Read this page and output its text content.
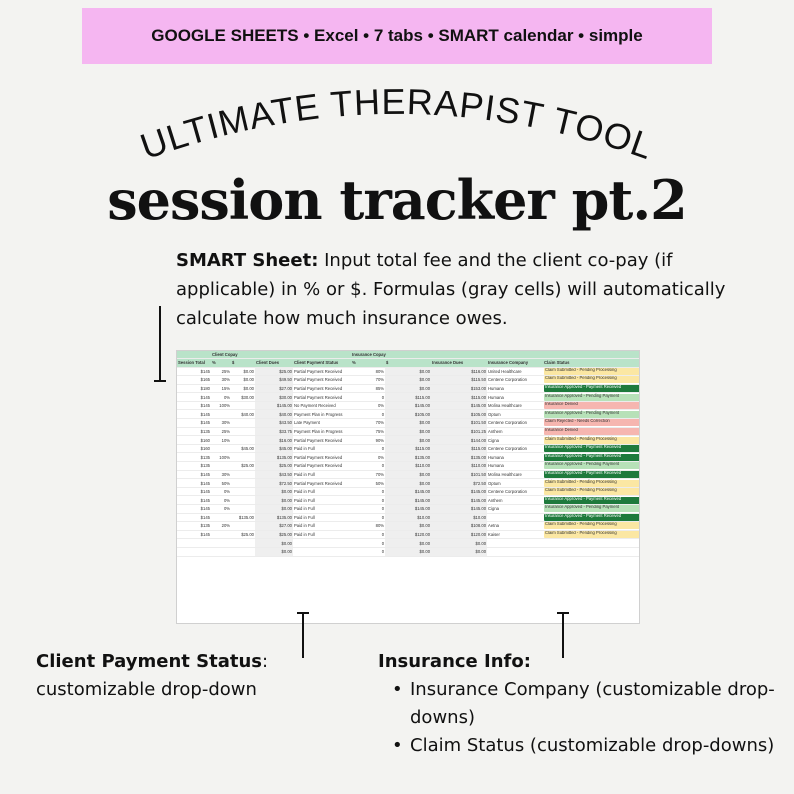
GOOGLE SHEETS • Excel • 7 tabs • SMART calendar • simple
ULTIMATE THERAPIST TOOL
session tracker pt.2
SMART Sheet: Input total fee and the client co-pay (if applicable) in % or $. Formulas (gray cells) will automatically calculate how much insurance owes.
	Client Copay				Insurance Copay				
Session Total	%	$	Client Dues	Client Payment Status	%	$	Insurance Dues	Insurance Company	Claim Status
$145	25%	$0.00	$25.00	Partial Payment Received	80%	$0.00	$116.00	United Healthcare	Claim Submitted - Pending Processing

$165	30%	$0.00	$49.50	Partial Payment Received	70%	$0.00	$115.50	Centene Corporation	Claim Submitted - Pending Processing

$180	15%	$0.00	$27.00	Partial Payment Received	85%	$0.00	$153.00	Humana	Insurance Approved - Payment Received

$145	0%	$30.00	$30.00	Partial Payment Received	0	$115.00	$115.00	Humana	Insurance Approved - Pending Payment

$145	100%		$145.00	No Payment Received	0%	$145.00	$145.00	Molina Healthcare	Insurance Denied

$145		$40.00	$40.00	Payment Plan in Progress	0	$105.00	$105.00	Optum	Insurance Approved - Pending Payment

$145	30%		$43.50	Late Payment	70%	$0.00	$101.50	Centene Corporation	Claim Rejected - Needs Correction

$135	25%		$33.75	Payment Plan in Progress	75%	$0.00	$101.25	Anthem	Insurance Denied

$160	10%		$16.00	Partial Payment Received	90%	$0.00	$144.00	Cigna	Claim Submitted - Pending Processing

$160		$45.00	$45.00	Paid in Full	0	$115.00	$115.00	Centene Corporation	Insurance Approved - Payment Received

$135	100%		$135.00	Partial Payment Received	0%	$135.00	$135.00	Humana	Insurance Approved - Payment Received

$135		$25.00	$25.00	Partial Payment Received	0	$110.00	$110.00	Humana	Insurance Approved - Pending Payment

$145	30%		$43.50	Paid in Full	70%	$0.00	$101.50	Molina Healthcare	Insurance Approved - Payment Received

$145	50%		$72.50	Partial Payment Received	50%	$0.00	$72.50	Optum	Claim Submitted - Pending Processing

$145	0%		$0.00	Paid in Full	0	$145.00	$145.00	Centene Corporation	Claim Submitted - Pending Processing

$145	0%		$0.00	Paid in Full	0	$145.00	$145.00	Anthem	Insurance Approved - Payment Received

$145	0%		$0.00	Paid in Full	0	$145.00	$145.00	Cigna	Insurance Approved - Pending Payment

$145		$135.00	$135.00	Paid in Full	0	$10.00	$10.00		Insurance Approved - Payment Received

$135	20%		$27.00	Paid in Full	80%	$0.00	$108.00	Aetna	Claim Submitted - Pending Processing

$145		$25.00	$25.00	Paid in Full	0	$120.00	$120.00	Kaiser	Claim Submitted - Pending Processing

			$0.00		0	$0.00	$0.00		
			$0.00		0	$0.00	$0.00		
Client Payment Status:
customizable drop-down
Insurance Info:
• Insurance Company (customizable drop-downs)
• Claim Status (customizable drop-downs)
